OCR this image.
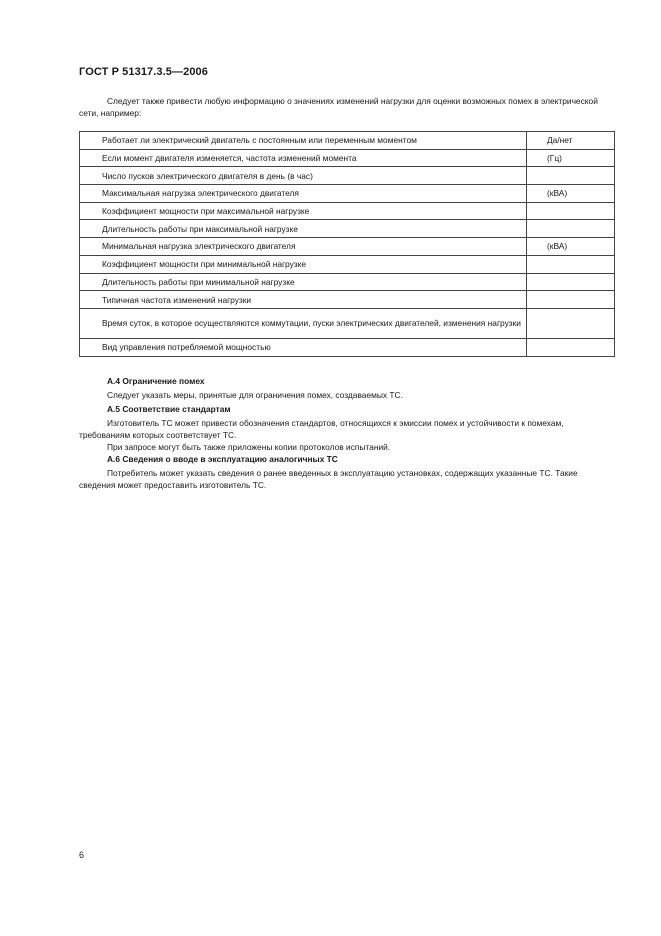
ГОСТ Р 51317.3.5—2006

Следует также привести любую информацию о значениях изменений нагрузки для оценки возможных помех в электрической сети, например:

Работает ли электрический двигатель с постоянным или переменным моментом	Да/нет
Если момент двигателя изменяется, частота изменений момента	(Гц)
Число пусков электрического двигателя в день (в час)	
Максимальная нагрузка электрического двигателя	(кВА)
Коэффициент мощности при максимальной нагрузке	
Длительность работы при максимальной нагрузке	
Минимальная нагрузка электрического двигателя	(кВА)
Коэффициент мощности при минимальной нагрузке	
Длительность работы при минимальной нагрузке	
Типичная частота изменений нагрузки	
Время суток, в которое осуществляются коммутации, пуски электрических двигателей, изменения нагрузки	
Вид управления потребляемой мощностью	
А.4 Ограничение помех

Следует указать меры, принятые для ограничения помех, создаваемых ТС.

А.5 Соответствие стандартам

Изготовитель ТС может привести обозначения стандартов, относящихся к эмиссии помех и устойчивости к помехам, требованиям которых соответствует ТС.

При запросе могут быть также приложены копии протоколов испытаний.

А.6 Сведения о вводе в эксплуатацию аналогичных ТС

Потребитель может указать сведения о ранее введенных в эксплуатацию установках, содержащих указанные ТС. Такие сведения может предоставить изготовитель ТС.

6
